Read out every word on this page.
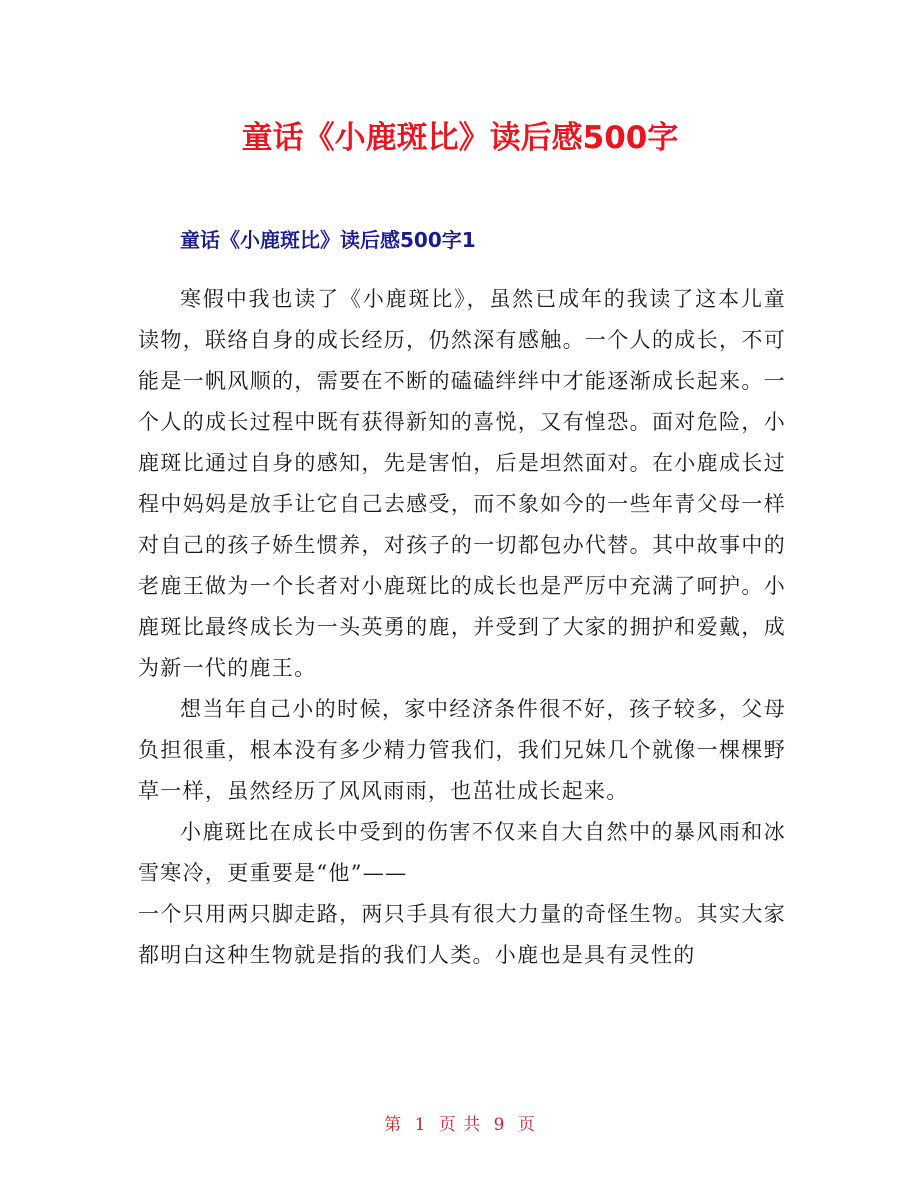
童话《小鹿斑比》读后感500字
童话《小鹿斑比》读后感500字1

寒假中我也读了《小鹿斑比》，虽然已成年的我读了这本儿童读物，联络自身的成长经历，仍然深有感触。一个人的成长，不可能是一帆风顺的，需要在不断的磕磕绊绊中才能逐渐成长起来。一个人的成长过程中既有获得新知的喜悦，又有惶恐。面对危险，小鹿斑比通过自身的感知，先是害怕，后是坦然面对。在小鹿成长过程中妈妈是放手让它自己去感受，而不象如今的一些年青父母一样对自己的孩子娇生惯养，对孩子的一切都包办代替。其中故事中的老鹿王做为一个长者对小鹿斑比的成长也是严厉中充满了呵护。小鹿斑比最终成长为一头英勇的鹿，并受到了大家的拥护和爱戴，成为新一代的鹿王。

想当年自己小的时候，家中经济条件很不好，孩子较多，父母负担很重，根本没有多少精力管我们，我们兄妹几个就像一棵棵野草一样，虽然经历了风风雨雨，也茁壮成长起来。

小鹿斑比在成长中受到的伤害不仅来自大自然中的暴风雨和冰雪寒冷，更重要是“他”——

一个只用两只脚走路，两只手具有很大力量的奇怪生物。其实大家都明白这种生物就是指的我们人类。小鹿也是具有灵性的

第 1 页 共 9 页
